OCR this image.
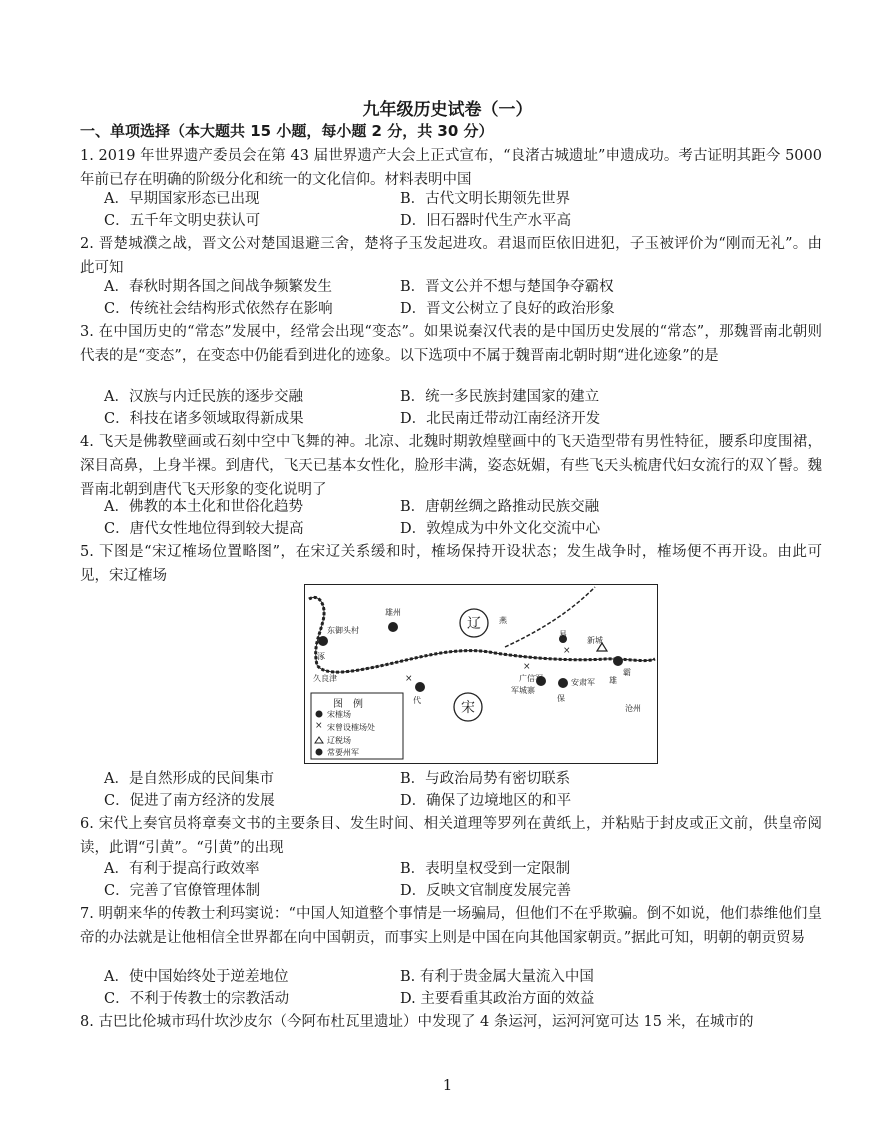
九年级历史试卷（一）
一、单项选择（本大题共 15 小题，每小题 2 分，共 30 分）
1. 2019 年世界遗产委员会在第 43 届世界遗产大会上正式宣布，“良渚古城遗址”申遗成功。考古证明其距今 5000 年前已存在明确的阶级分化和统一的文化信仰。材料表明中国
A．早期国家形态已出现	B．古代文明长期领先世界
C．五千年文明史获认可	D．旧石器时代生产水平高
2. 晋楚城濮之战，晋文公对楚国退避三舍，楚将子玉发起进攻。君退而臣依旧进犯，子玉被评价为“刚而无礼”。由此可知
A．春秋时期各国之间战争频繁发生	B．晋文公并不想与楚国争夺霸权
C．传统社会结构形式依然存在影响	D．晋文公树立了良好的政治形象
3. 在中国历史的“常态”发展中，经常会出现“变态”。如果说秦汉代表的是中国历史发展的“常态”，那魏晋南北朝则代表的是“变态”，在变态中仍能看到进化的迹象。以下选项中不属于魏晋南北朝时期“进化迹象”的是
A．汉族与内迁民族的逐步交融	B．统一多民族封建国家的建立
C．科技在诸多领域取得新成果	D．北民南迁带动江南经济开发
4. 飞天是佛教壁画或石刻中空中飞舞的神。北凉、北魏时期敦煌壁画中的飞天造型带有男性特征，腰系印度围裙，深目高鼻，上身半裸。到唐代，飞天已基本女性化，脸形丰满，姿态妩媚，有些飞天头梳唐代妇女流行的双丫髻。魏晋南北朝到唐代飞天形象的变化说明了
A．佛教的本土化和世俗化趋势	B．唐朝丝绸之路推动民族交融
C．唐代女性地位得到较大提高	D．敦煌成为中外文化交流中心
5. 下图是“宋辽榷场位置略图”，在宋辽关系缓和时，榷场保持开设状态；发生战争时，榷场便不再开设。由此可见，宋辽榷场
×
×
×
×
辽
宋
东御头村
雄州
久良津
易
新城
广信军	安肃军
保
霸
沧州
代
军城寨
燕
涿
雄
图　例
宋榷场
宋曾设榷场处
辽税场
常要州军
A．是自然形成的民间集市	B．与政治局势有密切联系
C．促进了南方经济的发展	D．确保了边境地区的和平
6. 宋代上奏官员将章奏文书的主要条目、发生时间、相关道理等罗列在黄纸上，并粘贴于封皮或正文前，供皇帝阅读，此谓“引黄”。“引黄”的出现
A．有利于提高行政效率	B．表明皇权受到一定限制
C．完善了官僚管理体制	D．反映文官制度发展完善
7. 明朝来华的传教士利玛窦说：“中国人知道整个事情是一场骗局，但他们不在乎欺骗。倒不如说，他们恭维他们皇帝的办法就是让他相信全世界都在向中国朝贡，而事实上则是中国在向其他国家朝贡。”据此可知，明朝的朝贡贸易
A．使中国始终处于逆差地位	B. 有利于贵金属大量流入中国
C．不利于传教士的宗教活动	D. 主要看重其政治方面的效益
8. 古巴比伦城市玛什坎沙皮尔（今阿布杜瓦里遗址）中发现了 4 条运河，运河河宽可达 15 米，在城市的
1
